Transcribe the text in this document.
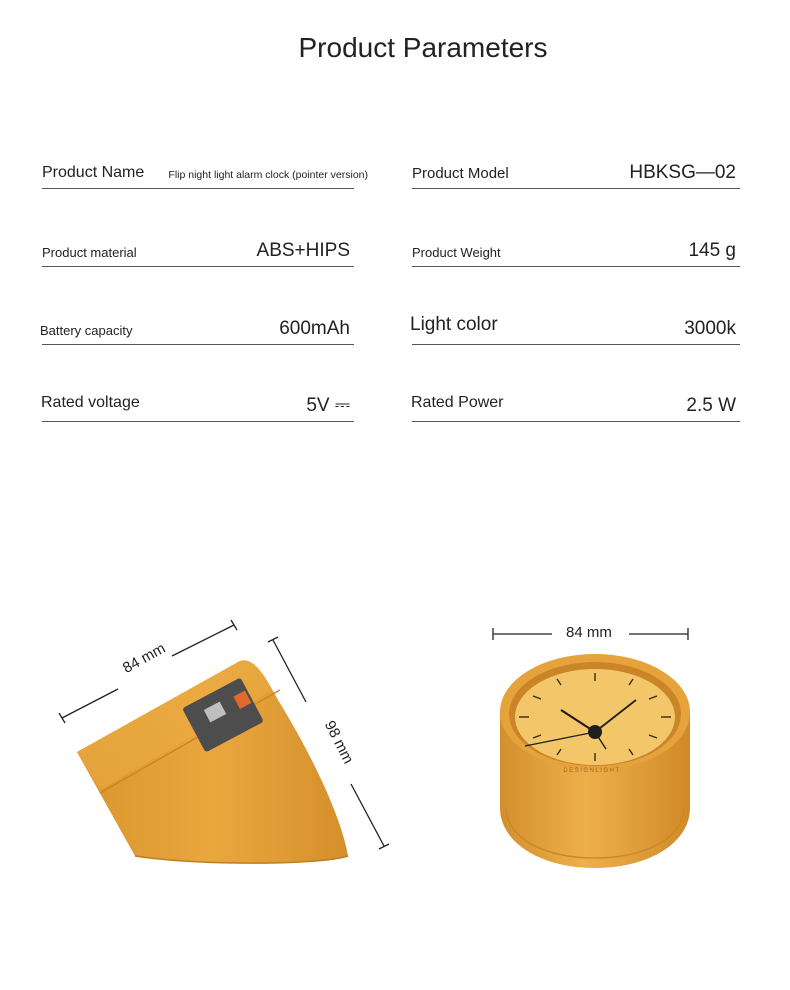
Product Parameters
Product Name Flip night light alarm clock (pointer version)	Product Model	HBKSG—02
Product material	ABS+HIPS	Product Weight	145 g
Battery capacity	600mAh	Light color	3000k
Rated voltage	5V ⎓	Rated Power	2.5 W
DESIGNLIGHT
84 mm
98 mm
84 mm
